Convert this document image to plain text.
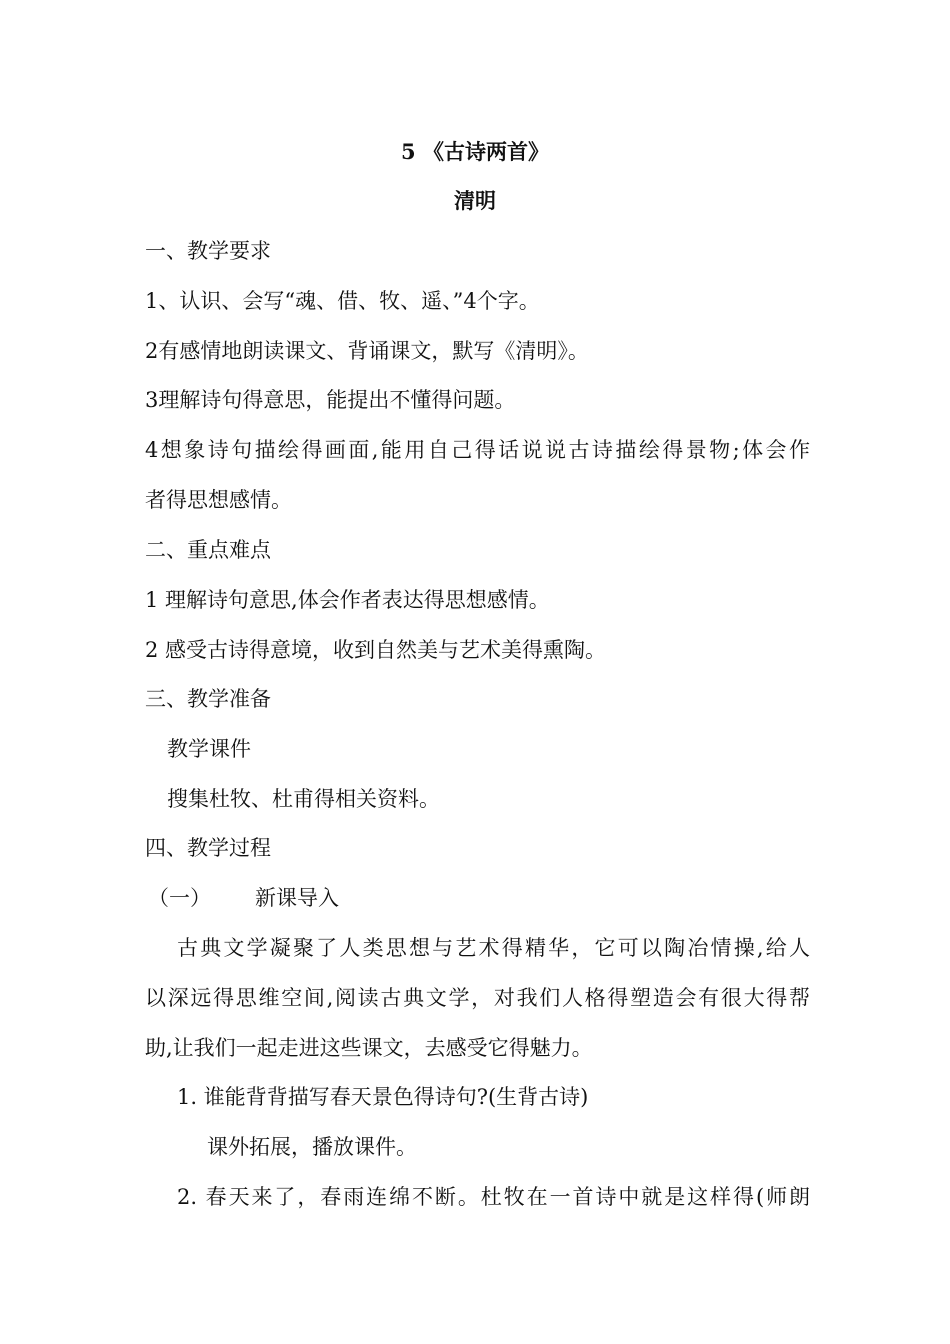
5 《古诗两首》
清明
一、教学要求
1、认识、会写“魂、借、牧、遥、”4个字。
2有感情地朗读课文、背诵课文，默写《清明》。
3理解诗句得意思，能提出不懂得问题。
4想象诗句描绘得画面,能用自己得话说说古诗描绘得景物;体会作
者得思想感情。
二、重点难点
1 理解诗句意思,体会作者表达得思想感情。
2 感受古诗得意境，收到自然美与艺术美得熏陶。
三、教学准备
教学课件
搜集杜牧、杜甫得相关资料。
四、教学过程
（一） 新课导入
古典文学凝聚了人类思想与艺术得精华，它可以陶冶情操,给人
以深远得思维空间,阅读古典文学，对我们人格得塑造会有很大得帮
助,让我们一起走进这些课文，去感受它得魅力。
1. 谁能背背描写春天景色得诗句?(生背古诗)
课外拓展，播放课件。
2. 春天来了，春雨连绵不断。杜牧在一首诗中就是这样得(师朗
